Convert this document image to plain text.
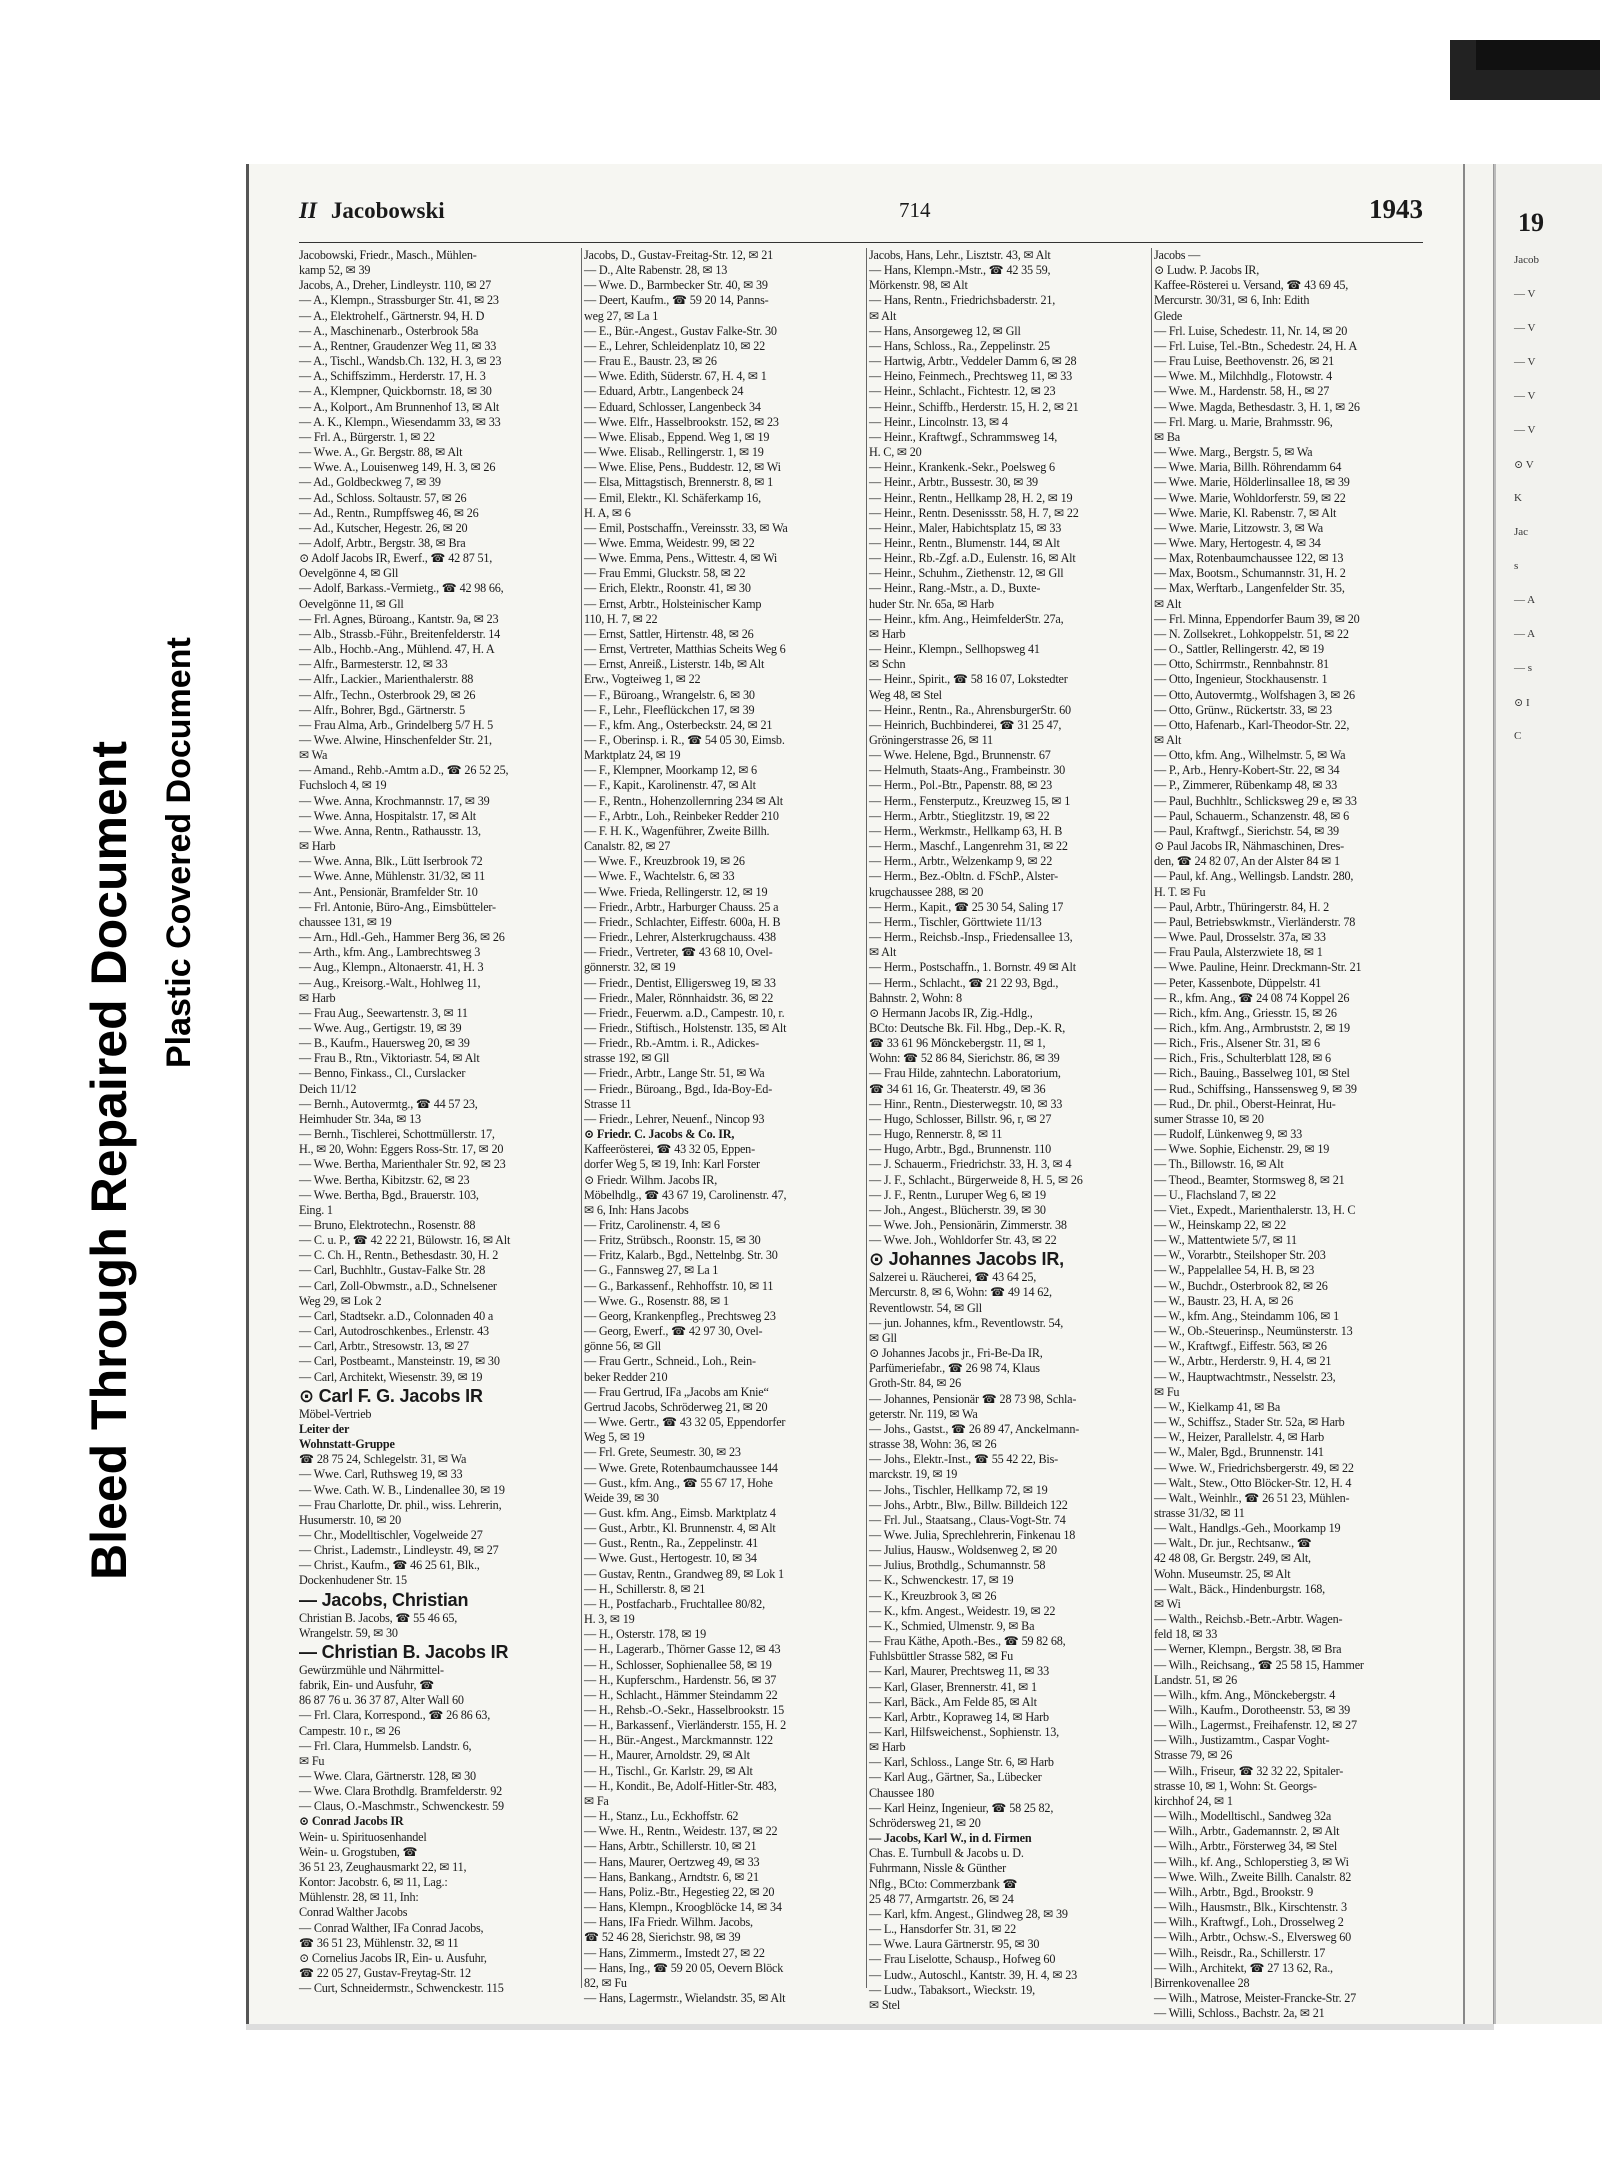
Bleed Through Repaired Document Plastic Covered Document
II Jacobowski	714	1943
Jacobowski, Friedr., Masch., Mühlen-
kamp 52, ✉ 39
Jacobs, A., Dreher, Lindleystr. 110, ✉ 27
— A., Klempn., Strassburger Str. 41, ✉ 23
— A., Elektrohelf., Gärtnerstr. 94, H. D
— A., Maschinenarb., Osterbrook 58a
— A., Rentner, Graudenzer Weg 11, ✉ 33
— A., Tischl., Wandsb.Ch. 132, H. 3, ✉ 23
— A., Schiffszimm., Herderstr. 17, H. 3
— A., Klempner, Quickbornstr. 18, ✉ 30
— A., Kolport., Am Brunnenhof 13, ✉ Alt
— A. K., Klempn., Wiesendamm 33, ✉ 33
— Frl. A., Bürgerstr. 1, ✉ 22
— Wwe. A., Gr. Bergstr. 88, ✉ Alt
— Wwe. A., Louisenweg 149, H. 3, ✉ 26
— Ad., Goldbeckweg 7, ✉ 39
— Ad., Schloss. Soltaustr. 57, ✉ 26
— Ad., Rentn., Rumpffsweg 46, ✉ 26
— Ad., Kutscher, Hegestr. 26, ✉ 20
— Adolf, Arbtr., Bergstr. 38, ✉ Bra
⊙ Adolf Jacobs IR, Ewerf., ☎ 42 87 51,
Oevelgönne 4, ✉ Gll
— Adolf, Barkass.-Vermietg., ☎ 42 98 66,
Oevelgönne 11, ✉ Gll
— Frl. Agnes, Büroang., Kantstr. 9a, ✉ 23
— Alb., Strassb.-Führ., Breitenfelderstr. 14
— Alb., Hochb.-Ang., Mühlend. 47, H. A
— Alfr., Barmesterstr. 12, ✉ 33
— Alfr., Lackier., Marienthalerstr. 88
— Alfr., Techn., Osterbrook 29, ✉ 26
— Alfr., Bohrer, Bgd., Gärtnerstr. 5
— Frau Alma, Arb., Grindelberg 5/7 H. 5
— Wwe. Alwine, Hinschenfelder Str. 21,
✉ Wa
— Amand., Rehb.-Amtm a.D., ☎ 26 52 25,
Fuchsloch 4, ✉ 19
— Wwe. Anna, Krochmannstr. 17, ✉ 39
— Wwe. Anna, Hospitalstr. 17, ✉ Alt
— Wwe. Anna, Rentn., Rathausstr. 13,
✉ Harb
— Wwe. Anna, Blk., Lütt Iserbrook 72
— Wwe. Anne, Mühlenstr. 31/32, ✉ 11
— Ant., Pensionär, Bramfelder Str. 10
— Frl. Antonie, Büro-Ang., Eimsbütteler-
chaussee 131, ✉ 19
— Arn., Hdl.-Geh., Hammer Berg 36, ✉ 26
— Arth., kfm. Ang., Lambrechtsweg 3
— Aug., Klempn., Altonaerstr. 41, H. 3
— Aug., Kreisorg.-Walt., Hohlweg 11,
✉ Harb
— Frau Aug., Seewartenstr. 3, ✉ 11
— Wwe. Aug., Gertigstr. 19, ✉ 39
— B., Kaufm., Hauersweg 20, ✉ 39
— Frau B., Rtn., Viktoriastr. 54, ✉ Alt
— Benno, Finkass., Cl., Curslacker
Deich 11/12
— Bernh., Autovermtg., ☎ 44 57 23,
Heimhuder Str. 34a, ✉ 13
— Bernh., Tischlerei, Schottmüllerstr. 17,
H., ✉ 20, Wohn: Eggers Ross-Str. 17, ✉ 20
— Wwe. Bertha, Marienthaler Str. 92, ✉ 23
— Wwe. Bertha, Kibitzstr. 62, ✉ 23
— Wwe. Bertha, Bgd., Brauerstr. 103,
Eing. 1
— Bruno, Elektrotechn., Rosenstr. 88
— C. u. P., ☎ 42 22 21, Bülowstr. 16, ✉ Alt
— C. Ch. H., Rentn., Bethesdastr. 30, H. 2
— Carl, Buchhltr., Gustav-Falke Str. 28
— Carl, Zoll-Obwmstr., a.D., Schnelsener
Weg 29, ✉ Lok 2
— Carl, Stadtsekr. a.D., Colonnaden 40 a
— Carl, Autodroschkenbes., Erlenstr. 43
— Carl, Arbtr., Stresowstr. 13, ✉ 27
— Carl, Postbeamt., Mansteinstr. 19, ✉ 30
— Carl, Architekt, Wiesenstr. 39, ✉ 19
⊙ Carl F. G. Jacobs IR
Möbel-Vertrieb
Leiter der
Wohnstatt-Gruppe
☎ 28 75 24, Schlegelstr. 31, ✉ Wa
— Wwe. Carl, Ruthsweg 19, ✉ 33
— Wwe. Cath. W. B., Lindenallee 30, ✉ 19
— Frau Charlotte, Dr. phil., wiss. Lehrerin,
Husumerstr. 10, ✉ 20
— Chr., Modelltischler, Vogelweide 27
— Christ., Lademstr., Lindleystr. 49, ✉ 27
— Christ., Kaufm., ☎ 46 25 61, Blk.,
Dockenhudener Str. 15
— Jacobs, Christian
Christian B. Jacobs, ☎ 55 46 65,
Wrangelstr. 59, ✉ 30
— Christian B. Jacobs IR
Gewürzmühle und Nährmittel-
fabrik, Ein- und Ausfuhr, ☎
86 87 76 u. 36 37 87, Alter Wall 60
— Frl. Clara, Korrespond., ☎ 26 86 63,
Campestr. 10 r., ✉ 26
— Frl. Clara, Hummelsb. Landstr. 6,
✉ Fu
— Wwe. Clara, Gärtnerstr. 128, ✉ 30
— Wwe. Clara Brothdlg. Bramfelderstr. 92
— Claus, O.-Maschmstr., Schwenckestr. 59
⊙ Conrad Jacobs IR
Wein- u. Spirituosenhandel
Wein- u. Grogstuben, ☎
36 51 23, Zeughausmarkt 22, ✉ 11,
Kontor: Jacobstr. 6, ✉ 11, Lag.:
Mühlenstr. 28, ✉ 11, Inh:
Conrad Walther Jacobs
— Conrad Walther, IFa Conrad Jacobs,
☎ 36 51 23, Mühlenstr. 32, ✉ 11
⊙ Cornelius Jacobs IR, Ein- u. Ausfuhr,
☎ 22 05 27, Gustav-Freytag-Str. 12
— Curt, Schneidermstr., Schwenckestr. 115
Jacobs, D., Gustav-Freitag-Str. 12, ✉ 21
— D., Alte Rabenstr. 28, ✉ 13
— Wwe. D., Barmbecker Str. 40, ✉ 39
— Deert, Kaufm., ☎ 59 20 14, Panns-
weg 27, ✉ La 1
— E., Bür.-Angest., Gustav Falke-Str. 30
— E., Lehrer, Schleidenplatz 10, ✉ 22
— Frau E., Baustr. 23, ✉ 26
— Wwe. Edith, Süderstr. 67, H. 4, ✉ 1
— Eduard, Arbtr., Langenbeck 24
— Eduard, Schlosser, Langenbeck 34
— Wwe. Elfr., Hasselbrookstr. 152, ✉ 23
— Wwe. Elisab., Eppend. Weg 1, ✉ 19
— Wwe. Elisab., Rellingerstr. 1, ✉ 19
— Wwe. Elise, Pens., Buddestr. 12, ✉ Wi
— Elsa, Mittagstisch, Brennerstr. 8, ✉ 1
— Emil, Elektr., Kl. Schäferkamp 16,
H. A, ✉ 6
— Emil, Postschaffn., Vereinsstr. 33, ✉ Wa
— Wwe. Emma, Weidestr. 99, ✉ 22
— Wwe. Emma, Pens., Wittestr. 4, ✉ Wi
— Frau Emmi, Gluckstr. 58, ✉ 22
— Erich, Elektr., Roonstr. 41, ✉ 30
— Ernst, Arbtr., Holsteinischer Kamp
110, H. 7, ✉ 22
— Ernst, Sattler, Hirtenstr. 48, ✉ 26
— Ernst, Vertreter, Matthias Scheits Weg 6
— Ernst, Anreiß., Listerstr. 14b, ✉ Alt
Erw., Vogteiweg 1, ✉ 22
— F., Büroang., Wrangelstr. 6, ✉ 30
— F., Lehr., Fleeflückchen 17, ✉ 39
— F., kfm. Ang., Osterbeckstr. 24, ✉ 21
— F., Oberinsp. i. R., ☎ 54 05 30, Eimsb.
Marktplatz 24, ✉ 19
— F., Klempner, Moorkamp 12, ✉ 6
— F., Kapit., Karolinenstr. 47, ✉ Alt
— F., Rentn., Hohenzollernring 234 ✉ Alt
— F., Arbtr., Loh., Reinbeker Redder 210
— F. H. K., Wagenführer, Zweite Billh.
Canalstr. 82, ✉ 27
— Wwe. F., Kreuzbrook 19, ✉ 26
— Wwe. F., Wachtelstr. 6, ✉ 33
— Wwe. Frieda, Rellingerstr. 12, ✉ 19
— Friedr., Arbtr., Harburger Chauss. 25 a
— Friedr., Schlachter, Eiffestr. 600a, H. B
— Friedr., Lehrer, Alsterkrugchauss. 438
— Friedr., Vertreter, ☎ 43 68 10, Ovel-
gönnerstr. 32, ✉ 19
— Friedr., Dentist, Elligersweg 19, ✉ 33
— Friedr., Maler, Rönnhaidstr. 36, ✉ 22
— Friedr., Feuerwm. a.D., Campestr. 10, r.
— Friedr., Stiftisch., Holstenstr. 135, ✉ Alt
— Friedr., Rb.-Amtm. i. R., Adickes-
strasse 192, ✉ Gll
— Friedr., Arbtr., Lange Str. 51, ✉ Wa
— Friedr., Büroang., Bgd., Ida-Boy-Ed-
Strasse 11
— Friedr., Lehrer, Neuenf., Nincop 93
⊙ Friedr. C. Jacobs & Co. IR,
Kaffeerösterei, ☎ 43 32 05, Eppen-
dorfer Weg 5, ✉ 19, Inh: Karl Forster
⊙ Friedr. Wilhm. Jacobs IR,
Möbelhdlg., ☎ 43 67 19, Carolinenstr. 47,
✉ 6, Inh: Hans Jacobs
— Fritz, Carolinenstr. 4, ✉ 6
— Fritz, Strübsch., Roonstr. 15, ✉ 30
— Fritz, Kalarb., Bgd., Nettelnbg. Str. 30
— G., Fannsweg 27, ✉ La 1
— G., Barkassenf., Rehhoffstr. 10, ✉ 11
— Wwe. G., Rosenstr. 88, ✉ 1
— Georg, Krankenpfleg., Prechtsweg 23
— Georg, Ewerf., ☎ 42 97 30, Ovel-
gönne 56, ✉ Gll
— Frau Gertr., Schneid., Loh., Rein-
beker Redder 210
— Frau Gertrud, IFa „Jacobs am Knie“
Gertrud Jacobs, Schröderweg 21, ✉ 20
— Wwe. Gertr., ☎ 43 32 05, Eppendorfer
Weg 5, ✉ 19
— Frl. Grete, Seumestr. 30, ✉ 23
— Wwe. Grete, Rotenbaumchaussee 144
— Gust., kfm. Ang., ☎ 55 67 17, Hohe
Weide 39, ✉ 30
— Gust. kfm. Ang., Eimsb. Marktplatz 4
— Gust., Arbtr., Kl. Brunnenstr. 4, ✉ Alt
— Gust., Rentn., Ra., Zeppelinstr. 41
— Wwe. Gust., Hertogestr. 10, ✉ 34
— Gustav, Rentn., Grandweg 89, ✉ Lok 1
— H., Schillerstr. 8, ✉ 21
— H., Postfacharb., Fruchtallee 80/82,
H. 3, ✉ 19
— H., Osterstr. 178, ✉ 19
— H., Lagerarb., Thörner Gasse 12, ✉ 43
— H., Schlosser, Sophienallee 58, ✉ 19
— H., Kupferschm., Hardenstr. 56, ✉ 37
— H., Schlacht., Hämmer Steindamm 22
— H., Rehsb.-O.-Sekr., Hasselbrookstr. 15
— H., Barkassenf., Vierländerstr. 155, H. 2
— H., Bür.-Angest., Marckmannstr. 122
— H., Maurer, Arnoldstr. 29, ✉ Alt
— H., Tischl., Gr. Karlstr. 29, ✉ Alt
— H., Kondit., Be, Adolf-Hitler-Str. 483,
✉ Fa
— H., Stanz., Lu., Eckhoffstr. 62
— Wwe. H., Rentn., Weidestr. 137, ✉ 22
— Hans, Arbtr., Schillerstr. 10, ✉ 21
— Hans, Maurer, Oertzweg 49, ✉ 33
— Hans, Bankang., Arndtstr. 6, ✉ 21
— Hans, Poliz.-Btr., Hegestieg 22, ✉ 20
— Hans, Klempn., Kroogblöcke 14, ✉ 34
— Hans, IFa Friedr. Wilhm. Jacobs,
☎ 52 46 28, Sierichstr. 98, ✉ 39
— Hans, Zimmerm., Imstedt 27, ✉ 22
— Hans, Ing., ☎ 59 20 05, Oevern Blöck
82, ✉ Fu
— Hans, Lagermstr., Wielandstr. 35, ✉ Alt
Jacobs, Hans, Lehr., Lisztstr. 43, ✉ Alt
— Hans, Klempn.-Mstr., ☎ 42 35 59,
Mörkenstr. 98, ✉ Alt
— Hans, Rentn., Friedrichsbaderstr. 21,
✉ Alt
— Hans, Ansorgeweg 12, ✉ Gll
— Hans, Schloss., Ra., Zeppelinstr. 25
— Hartwig, Arbtr., Veddeler Damm 6, ✉ 28
— Heino, Feinmech., Prechtsweg 11, ✉ 33
— Heinr., Schlacht., Fichtestr. 12, ✉ 23
— Heinr., Schiffb., Herderstr. 15, H. 2, ✉ 21
— Heinr., Lincolnstr. 13, ✉ 4
— Heinr., Kraftwgf., Schrammsweg 14,
H. C, ✉ 20
— Heinr., Krankenk.-Sekr., Poelsweg 6
— Heinr., Arbtr., Bussestr. 30, ✉ 39
— Heinr., Rentn., Hellkamp 28, H. 2, ✉ 19
— Heinr., Rentn. Desenissstr. 58, H. 7, ✉ 22
— Heinr., Maler, Habichtsplatz 15, ✉ 33
— Heinr., Rentn., Blumenstr. 144, ✉ Alt
— Heinr., Rb.-Zgf. a.D., Eulenstr. 16, ✉ Alt
— Heinr., Schuhm., Ziethenstr. 12, ✉ Gll
— Heinr., Rang.-Mstr., a. D., Buxte-
huder Str. Nr. 65a, ✉ Harb
— Heinr., kfm. Ang., HeimfelderStr. 27a,
✉ Harb
— Heinr., Klempn., Sellhopsweg 41
✉ Schn
— Heinr., Spirit., ☎ 58 16 07, Lokstedter
Weg 48, ✉ Stel
— Heinr., Rentn., Ra., AhrensburgerStr. 60
— Heinrich, Buchbinderei, ☎ 31 25 47,
Gröningerstrasse 26, ✉ 11
— Wwe. Helene, Bgd., Brunnenstr. 67
— Helmuth, Staats-Ang., Frambeinstr. 30
— Herm., Pol.-Btr., Papenstr. 88, ✉ 23
— Herm., Fensterputz., Kreuzweg 15, ✉ 1
— Herm., Arbtr., Stieglitzstr. 19, ✉ 22
— Herm., Werkmstr., Hellkamp 63, H. B
— Herm., Maschf., Langenrehm 31, ✉ 22
— Herm., Arbtr., Welzenkamp 9, ✉ 22
— Herm., Bez.-Obltn. d. FSchP., Alster-
krugchaussee 288, ✉ 20
— Herm., Kapit., ☎ 25 30 54, Saling 17
— Herm., Tischler, Görttwiete 11/13
— Herm., Reichsb.-Insp., Friedensallee 13,
✉ Alt
— Herm., Postschaffn., 1. Bornstr. 49 ✉ Alt
— Herm., Schlacht., ☎ 21 22 93, Bgd.,
Bahnstr. 2, Wohn: 8
⊙ Hermann Jacobs IR, Zig.-Hdlg.,
BCto: Deutsche Bk. Fil. Hbg., Dep.-K. R,
☎ 33 61 96 Mönckebergstr. 11, ✉ 1,
Wohn: ☎ 52 86 84, Sierichstr. 86, ✉ 39
— Frau Hilde, zahntechn. Laboratorium,
☎ 34 61 16, Gr. Theaterstr. 49, ✉ 36
— Hinr., Rentn., Diesterwegstr. 10, ✉ 33
— Hugo, Schlosser, Billstr. 96, r, ✉ 27
— Hugo, Rennerstr. 8, ✉ 11
— Hugo, Arbtr., Bgd., Brunnenstr. 110
— J. Schauerm., Friedrichstr. 33, H. 3, ✉ 4
— J. F., Schlacht., Bürgerweide 8, H. 5, ✉ 26
— J. F., Rentn., Luruper Weg 6, ✉ 19
— Joh., Angest., Blücherstr. 39, ✉ 30
— Wwe. Joh., Pensionärin, Zimmerstr. 38
— Wwe. Joh., Wohldorfer Str. 43, ✉ 22
⊙ Johannes Jacobs IR,
Salzerei u. Räucherei, ☎ 43 64 25,
Mercurstr. 8, ✉ 6, Wohn: ☎ 49 14 62,
Reventlowstr. 54, ✉ Gll
— jun. Johannes, kfm., Reventlowstr. 54,
✉ Gll
⊙ Johannes Jacobs jr., Fri-Be-Da IR,
Parfümeriefabr., ☎ 26 98 74, Klaus
Groth-Str. 84, ✉ 26
— Johannes, Pensionär ☎ 28 73 98, Schla-
geterstr. Nr. 119, ✉ Wa
— Johs., Gastst., ☎ 26 89 47, Anckelmann-
strasse 38, Wohn: 36, ✉ 26
— Johs., Elektr.-Inst., ☎ 55 42 22, Bis-
marckstr. 19, ✉ 19
— Johs., Tischler, Hellkamp 72, ✉ 19
— Johs., Arbtr., Blw., Billw. Billdeich 122
— Frl. Jul., Staatsang., Claus-Vogt-Str. 74
— Wwe. Julia, Sprechlehrerin, Finkenau 18
— Julius, Hausw., Woldsenweg 2, ✉ 20
— Julius, Brothdlg., Schumannstr. 58
— K., Schwenckestr. 17, ✉ 19
— K., Kreuzbrook 3, ✉ 26
— K., kfm. Angest., Weidestr. 19, ✉ 22
— K., Schmied, Ulmenstr. 9, ✉ Ba
— Frau Käthe, Apoth.-Bes., ☎ 59 82 68,
Fuhlsbüttler Strasse 582, ✉ Fu
— Karl, Maurer, Prechtsweg 11, ✉ 33
— Karl, Glaser, Brennerstr. 41, ✉ 1
— Karl, Bäck., Am Felde 85, ✉ Alt
— Karl, Arbtr., Kopraweg 14, ✉ Harb
— Karl, Hilfsweichenst., Sophienstr. 13,
✉ Harb
— Karl, Schloss., Lange Str. 6, ✉ Harb
— Karl Aug., Gärtner, Sa., Lübecker
Chaussee 180
— Karl Heinz, Ingenieur, ☎ 58 25 82,
Schrödersweg 21, ✉ 20
— Jacobs, Karl W., in d. Firmen
Chas. E. Turnbull & Jacobs u. D.
Fuhrmann, Nissle & Günther
Nflg., BCto: Commerzbank ☎
25 48 77, Armgartstr. 26, ✉ 24
— Karl, kfm. Angest., Glindweg 28, ✉ 39
— L., Hansdorfer Str. 31, ✉ 22
— Wwe. Laura Gärtnerstr. 95, ✉ 30
— Frau Liselotte, Schausp., Hofweg 60
— Ludw., Autoschl., Kantstr. 39, H. 4, ✉ 23
— Ludw., Tabaksort., Wieckstr. 19,
✉ Stel
Jacobs —
⊙ Ludw. P. Jacobs IR,
Kaffee-Rösterei u. Versand, ☎ 43 69 45,
Mercurstr. 30/31, ✉ 6, Inh: Edith
Glede
— Frl. Luise, Schedestr. 11, Nr. 14, ✉ 20
— Frl. Luise, Tel.-Btn., Schedestr. 24, H. A
— Frau Luise, Beethovenstr. 26, ✉ 21
— Wwe. M., Milchhdlg., Flotowstr. 4
— Wwe. M., Hardenstr. 58, H., ✉ 27
— Wwe. Magda, Bethesdastr. 3, H. 1, ✉ 26
— Frl. Marg. u. Marie, Brahmsstr. 96,
✉ Ba
— Wwe. Marg., Bergstr. 5, ✉ Wa
— Wwe. Maria, Billh. Röhrendamm 64
— Wwe. Marie, Hölderlinsallee 18, ✉ 39
— Wwe. Marie, Wohldorferstr. 59, ✉ 22
— Wwe. Marie, Kl. Rabenstr. 7, ✉ Alt
— Wwe. Marie, Litzowstr. 3, ✉ Wa
— Wwe. Mary, Hertogestr. 4, ✉ 34
— Max, Rotenbaumchaussee 122, ✉ 13
— Max, Bootsm., Schumannstr. 31, H. 2
— Max, Werftarb., Langenfelder Str. 35,
✉ Alt
— Frl. Minna, Eppendorfer Baum 39, ✉ 20
— N. Zollsekret., Lohkoppelstr. 51, ✉ 22
— O., Sattler, Rellingerstr. 42, ✉ 19
— Otto, Schirrmstr., Rennbahnstr. 81
— Otto, Ingenieur, Stockhausenstr. 1
— Otto, Autovermtg., Wolfshagen 3, ✉ 26
— Otto, Grünw., Rückertstr. 33, ✉ 23
— Otto, Hafenarb., Karl-Theodor-Str. 22,
✉ Alt
— Otto, kfm. Ang., Wilhelmstr. 5, ✉ Wa
— P., Arb., Henry-Kobert-Str. 22, ✉ 34
— P., Zimmerer, Rübenkamp 48, ✉ 33
— Paul, Buchhltr., Schlicksweg 29 e, ✉ 33
— Paul, Schauerm., Schanzenstr. 48, ✉ 6
— Paul, Kraftwgf., Sierichstr. 54, ✉ 39
⊙ Paul Jacobs IR, Nähmaschinen, Dres-
den, ☎ 24 82 07, An der Alster 84 ✉ 1
— Paul, kf. Ang., Wellingsb. Landstr. 280,
H. T. ✉ Fu
— Paul, Arbtr., Thüringerstr. 84, H. 2
— Paul, Betriebswkmstr., Vierländerstr. 78
— Wwe. Paul, Drosselstr. 37a, ✉ 33
— Frau Paula, Alsterzwiete 18, ✉ 1
— Wwe. Pauline, Heinr. Dreckmann-Str. 21
— Peter, Kassenbote, Düppelstr. 41
— R., kfm. Ang., ☎ 24 08 74 Koppel 26
— Rich., kfm. Ang., Griesstr. 15, ✉ 26
— Rich., kfm. Ang., Armbruststr. 2, ✉ 19
— Rich., Fris., Alsener Str. 31, ✉ 6
— Rich., Fris., Schulterblatt 128, ✉ 6
— Rich., Bauing., Basselweg 101, ✉ Stel
— Rud., Schiffsing., Hanssensweg 9, ✉ 39
— Rud., Dr. phil., Oberst-Heinrat, Hu-
sumer Strasse 10, ✉ 20
— Rudolf, Lünkenweg 9, ✉ 33
— Wwe. Sophie, Eichenstr. 29, ✉ 19
— Th., Billowstr. 16, ✉ Alt
— Theod., Beamter, Stormsweg 8, ✉ 21
— U., Flachsland 7, ✉ 22
— Viet., Expedt., Marienthalerstr. 13, H. C
— W., Heinskamp 22, ✉ 22
— W., Mattentwiete 5/7, ✉ 11
— W., Vorarbtr., Steilshoper Str. 203
— W., Pappelallee 54, H. B, ✉ 23
— W., Buchdr., Osterbrook 82, ✉ 26
— W., Baustr. 23, H. A, ✉ 26
— W., kfm. Ang., Steindamm 106, ✉ 1
— W., Ob.-Steuerinsp., Neumünsterstr. 13
— W., Kraftwgf., Eiffestr. 563, ✉ 26
— W., Arbtr., Herderstr. 9, H. 4, ✉ 21
— W., Hauptwachtmstr., Nesselstr. 23,
✉ Fu
— W., Kielkamp 41, ✉ Ba
— W., Schiffsz., Stader Str. 52a, ✉ Harb
— W., Heizer, Parallelstr. 4, ✉ Harb
— W., Maler, Bgd., Brunnenstr. 141
— Wwe. W., Friedrichsbergerstr. 49, ✉ 22
— Walt., Stew., Otto Blöcker-Str. 12, H. 4
— Walt., Weinhlr., ☎ 26 51 23, Mühlen-
strasse 31/32, ✉ 11
— Walt., Handlgs.-Geh., Moorkamp 19
— Walt., Dr. jur., Rechtsanw., ☎
42 48 08, Gr. Bergstr. 249, ✉ Alt,
Wohn. Museumstr. 25, ✉ Alt
— Walt., Bäck., Hindenburgstr. 168,
✉ Wi
— Walth., Reichsb.-Betr.-Arbtr. Wagen-
feld 18, ✉ 33
— Werner, Klempn., Bergstr. 38, ✉ Bra
— Wilh., Reichsang., ☎ 25 58 15, Hammer
Landstr. 51, ✉ 26
— Wilh., kfm. Ang., Mönckebergstr. 4
— Wilh., Kaufm., Dorotheenstr. 53, ✉ 39
— Wilh., Lagermst., Freihafenstr. 12, ✉ 27
— Wilh., Justizamtm., Caspar Voght-
Strasse 79, ✉ 26
— Wilh., Friseur, ☎ 32 32 22, Spitaler-
strasse 10, ✉ 1, Wohn: St. Georgs-
kirchhof 24, ✉ 1
— Wilh., Modelltischl., Sandweg 32a
— Wilh., Arbtr., Gademannstr. 2, ✉ Alt
— Wilh., Arbtr., Försterweg 34, ✉ Stel
— Wilh., kf. Ang., Schloperstieg 3, ✉ Wi
— Wwe. Wilh., Zweite Billh. Canalstr. 82
— Wilh., Arbtr., Bgd., Brookstr. 9
— Wilh., Hausmstr., Blk., Kirschtenstr. 3
— Wilh., Kraftwgf., Loh., Drosselweg 2
— Wilh., Arbtr., Ochsw.-S., Elversweg 60
— Wilh., Reisdr., Ra., Schillerstr. 17
— Wilh., Architekt, ☎ 27 13 62, Ra.,
Birrenkovenallee 28
— Wilh., Matrose, Meister-Francke-Str. 27
— Willi, Schloss., Bachstr. 2a, ✉ 21
19
Jacob
— V
— V
— V
— V
— V
⊙ V
K
Jac
s
— A
— A
— s
⊙ I
C
